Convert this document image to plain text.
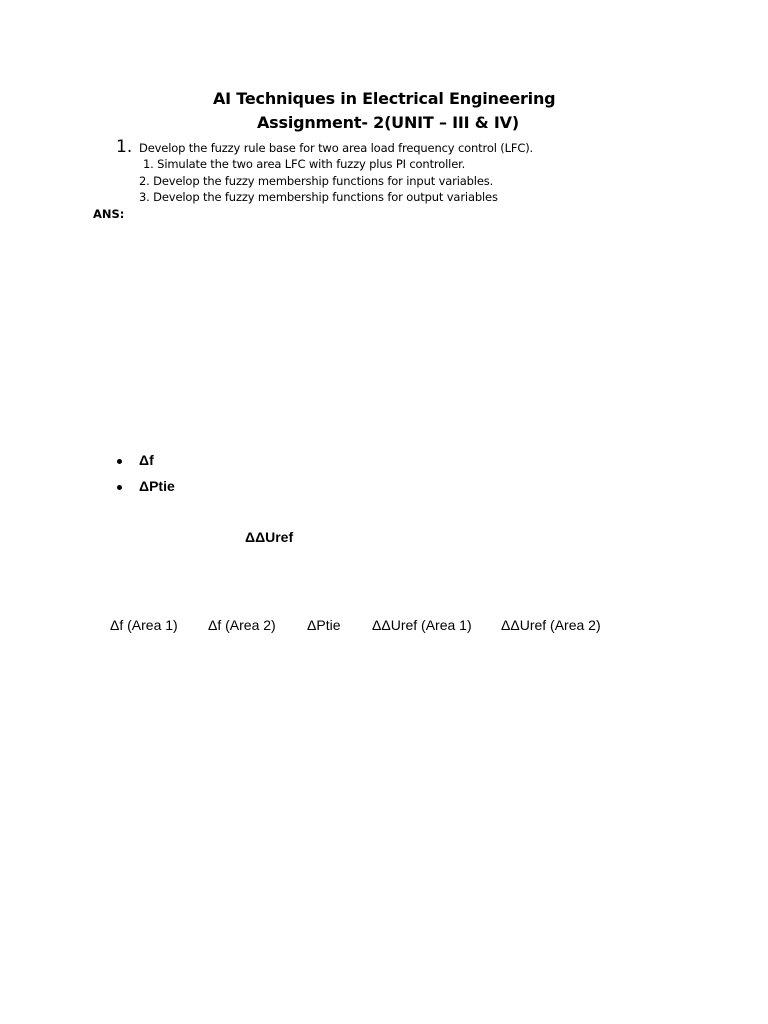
AI Techniques in Electrical Engineering
Assignment- 2(UNIT – III & IV)
1. Develop the fuzzy rule base for two area load frequency control (LFC).
1. Simulate the two area LFC with fuzzy plus PI controller.
2. Develop the fuzzy membership functions for input variables.
3. Develop the fuzzy membership functions for output variables
ANS:
Δf
ΔPtie
ΔΔUref
Δf (Area 1) Δf (Area 2) ΔPtie ΔΔUref (Area 1) ΔΔUref (Area 2)
